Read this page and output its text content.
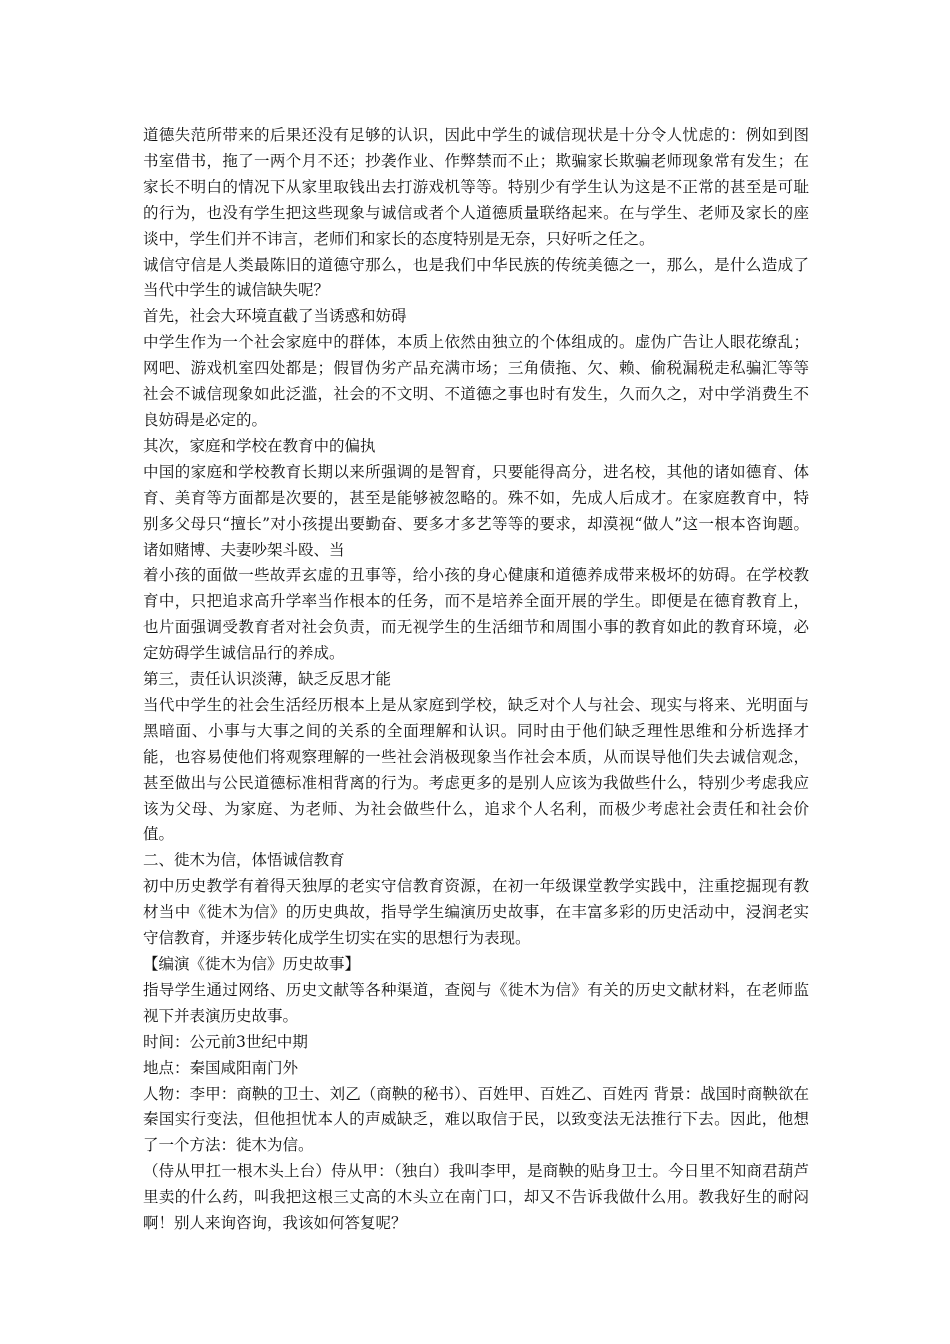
道德失范所带来的后果还没有足够的认识，因此中学生的诚信现状是十分令人忧虑的：例如到图书室借书，拖了一两个月不还；抄袭作业、作弊禁而不止；欺骗家长欺骗老师现象常有发生；在家长不明白的情况下从家里取钱出去打游戏机等等。特别少有学生认为这是不正常的甚至是可耻的行为，也没有学生把这些现象与诚信或者个人道德质量联络起来。在与学生、老师及家长的座谈中，学生们并不讳言，老师们和家长的态度特别是无奈，只好听之任之。

诚信守信是人类最陈旧的道德守那么，也是我们中华民族的传统美德之一，那么，是什么造成了当代中学生的诚信缺失呢？

首先，社会大环境直截了当诱惑和妨碍

中学生作为一个社会家庭中的群体，本质上依然由独立的个体组成的。虚伪广告让人眼花缭乱；网吧、游戏机室四处都是；假冒伪劣产品充满市场；三角债拖、欠、赖、偷税漏税走私骗汇等等社会不诚信现象如此泛滥，社会的不文明、不道德之事也时有发生，久而久之，对中学消费生不良妨碍是必定的。

其次，家庭和学校在教育中的偏执

中国的家庭和学校教育长期以来所强调的是智育，只要能得高分，进名校，其他的诸如德育、体育、美育等方面都是次要的，甚至是能够被忽略的。殊不如，先成人后成才。在家庭教育中，特别多父母只“擅长”对小孩提出要勤奋、要多才多艺等等的要求，却漠视“做人”这一根本咨询题。诸如赌博、夫妻吵架斗殴、当

着小孩的面做一些故弄玄虚的丑事等，给小孩的身心健康和道德养成带来极坏的妨碍。在学校教育中，只把追求高升学率当作根本的任务，而不是培养全面开展的学生。即便是在德育教育上，也片面强调受教育者对社会负责，而无视学生的生活细节和周围小事的教育如此的教育环境，必定妨碍学生诚信品行的养成。

第三，责任认识淡薄，缺乏反思才能

当代中学生的社会生活经历根本上是从家庭到学校，缺乏对个人与社会、现实与将来、光明面与黑暗面、小事与大事之间的关系的全面理解和认识。同时由于他们缺乏理性思维和分析选择才能，也容易使他们将观察理解的一些社会消极现象当作社会本质，从而误导他们失去诚信观念，甚至做出与公民道德标准相背离的行为。考虑更多的是别人应该为我做些什么，特别少考虑我应该为父母、为家庭、为老师、为社会做些什么，追求个人名利，而极少考虑社会责任和社会价值。

二、徙木为信，体悟诚信教育

初中历史教学有着得天独厚的老实守信教育资源，在初一年级课堂教学实践中，注重挖掘现有教材当中《徙木为信》的历史典故，指导学生编演历史故事，在丰富多彩的历史活动中，浸润老实守信教育，并逐步转化成学生切实在实的思想行为表现。

【编演《徙木为信》历史故事】

指导学生通过网络、历史文献等各种渠道，查阅与《徙木为信》有关的历史文献材料，在老师监视下并表演历史故事。

时间：公元前3世纪中期

地点：秦国咸阳南门外

人物：李甲：商鞅的卫士、刘乙（商鞅的秘书）、百姓甲、百姓乙、百姓丙 背景：战国时商鞅欲在秦国实行变法，但他担忧本人的声威缺乏，难以取信于民，以致变法无法推行下去。因此，他想了一个方法：徙木为信。

（侍从甲扛一根木头上台）侍从甲：（独白）我叫李甲，是商鞅的贴身卫士。今日里不知商君葫芦里卖的什么药，叫我把这根三丈高的木头立在南门口，却又不告诉我做什么用。教我好生的耐闷啊！别人来询咨询，我该如何答复呢？
